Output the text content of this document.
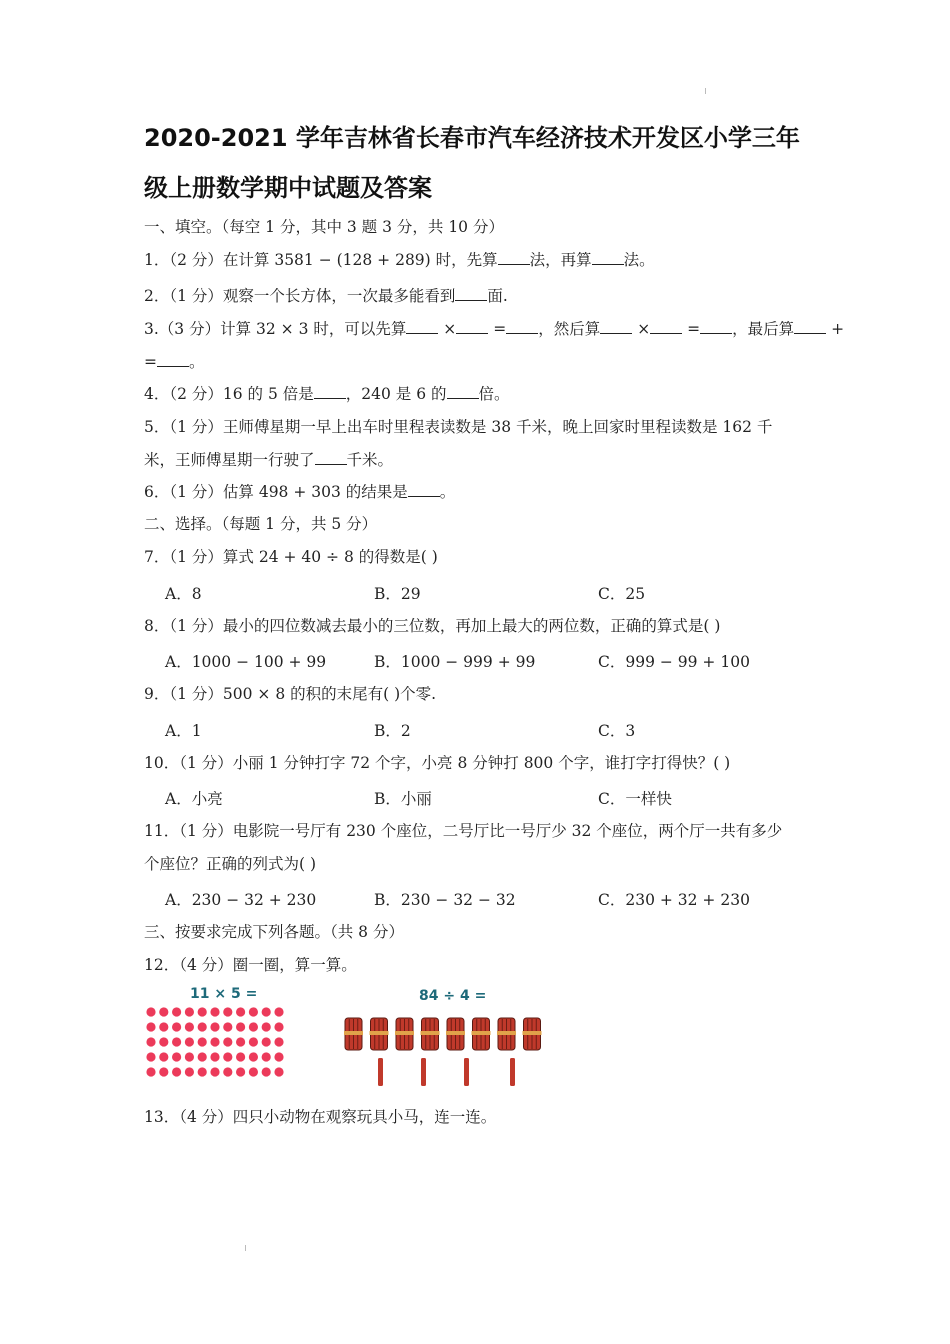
2020-2021 学年吉林省长春市汽车经济技术开发区小学三年
级上册数学期中试题及答案
一、填空。（每空 1 分，其中 3 题 3 分，共 10 分）
1．（2 分）在计算 3581 − (128 + 289) 时，先算 法，再算 法。
2．（1 分）观察一个长方体，一次最多能看到 面.
3.（3 分）计算 32 × 3 时，可以先算 × = ，然后算 × = ，最后算 +
= 。
4．（2 分）16 的 5 倍是 ，240 是 6 的 倍。
5．（1 分）王师傅星期一早上出车时里程表读数是 38 千米，晚上回家时里程读数是 162 千
米，王师傅星期一行驶了 千米。
6．（1 分）估算 498 + 303 的结果是 。
二、选择。（每题 1 分，共 5 分）
7．（1 分）算式 24 + 40 ÷ 8 的得数是( )
A．8	B．29	C．25
8．（1 分）最小的四位数减去最小的三位数，再加上最大的两位数，正确的算式是( )
A．1000 − 100 + 99	B．1000 − 999 + 99	C．999 − 99 + 100
9．（1 分）500 × 8 的积的末尾有( )个零.
A．1	B．2	C．3
10．（1 分）小丽 1 分钟打字 72 个字，小亮 8 分钟打 800 个字，谁打字打得快？( )
A．小亮	B．小丽	C．一样快
11．（1 分）电影院一号厅有 230 个座位，二号厅比一号厅少 32 个座位，两个厅一共有多少
个座位？正确的列式为( )
A．230 − 32 + 230	B．230 − 32 − 32	C．230 + 32 + 230
三、按要求完成下列各题。（共 8 分）
12．（4 分）圈一圈，算一算。
11 × 5 =	84 ÷ 4 =
13．（4 分）四只小动物在观察玩具小马，连一连。
